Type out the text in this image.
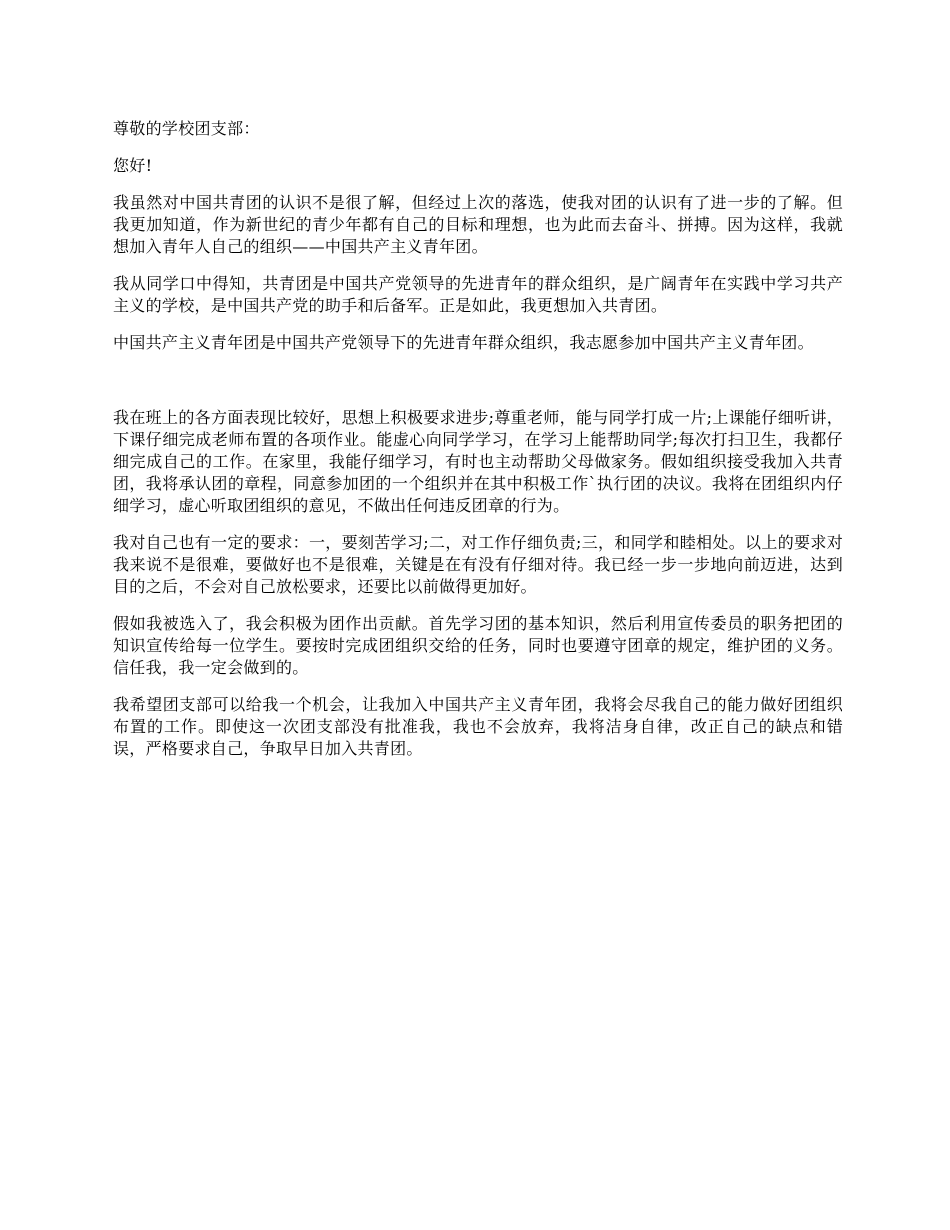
尊敬的学校团支部：

您好!

我虽然对中国共青团的认识不是很了解，但经过上次的落选，使我对团的认识有了进一步的了解。但我更加知道，作为新世纪的青少年都有自己的目标和理想，也为此而去奋斗、拼搏。因为这样，我就想加入青年人自己的组织——中国共产主义青年团。

我从同学口中得知，共青团是中国共产党领导的先进青年的群众组织，是广阔青年在实践中学习共产主义的学校，是中国共产党的助手和后备军。正是如此，我更想加入共青团。

中国共产主义青年团是中国共产党领导下的先进青年群众组织，我志愿参加中国共产主义青年团。

我在班上的各方面表现比较好，思想上积极要求进步;尊重老师，能与同学打成一片;上课能仔细听讲，下课仔细完成老师布置的各项作业。能虚心向同学学习，在学习上能帮助同学;每次打扫卫生，我都仔细完成自己的工作。在家里，我能仔细学习，有时也主动帮助父母做家务。假如组织接受我加入共青团，我将承认团的章程，同意参加团的一个组织并在其中积极工作`执行团的决议。我将在团组织内仔细学习，虚心听取团组织的意见，不做出任何违反团章的行为。

我对自己也有一定的要求：一，要刻苦学习;二，对工作仔细负责;三，和同学和睦相处。以上的要求对我来说不是很难，要做好也不是很难，关键是在有没有仔细对待。我已经一步一步地向前迈进，达到目的之后，不会对自己放松要求，还要比以前做得更加好。

假如我被选入了，我会积极为团作出贡献。首先学习团的基本知识，然后利用宣传委员的职务把团的知识宣传给每一位学生。要按时完成团组织交给的任务，同时也要遵守团章的规定，维护团的义务。信任我，我一定会做到的。

我希望团支部可以给我一个机会，让我加入中国共产主义青年团，我将会尽我自己的能力做好团组织布置的工作。即使这一次团支部没有批准我，我也不会放弃，我将洁身自律，改正自己的缺点和错误，严格要求自己，争取早日加入共青团。
